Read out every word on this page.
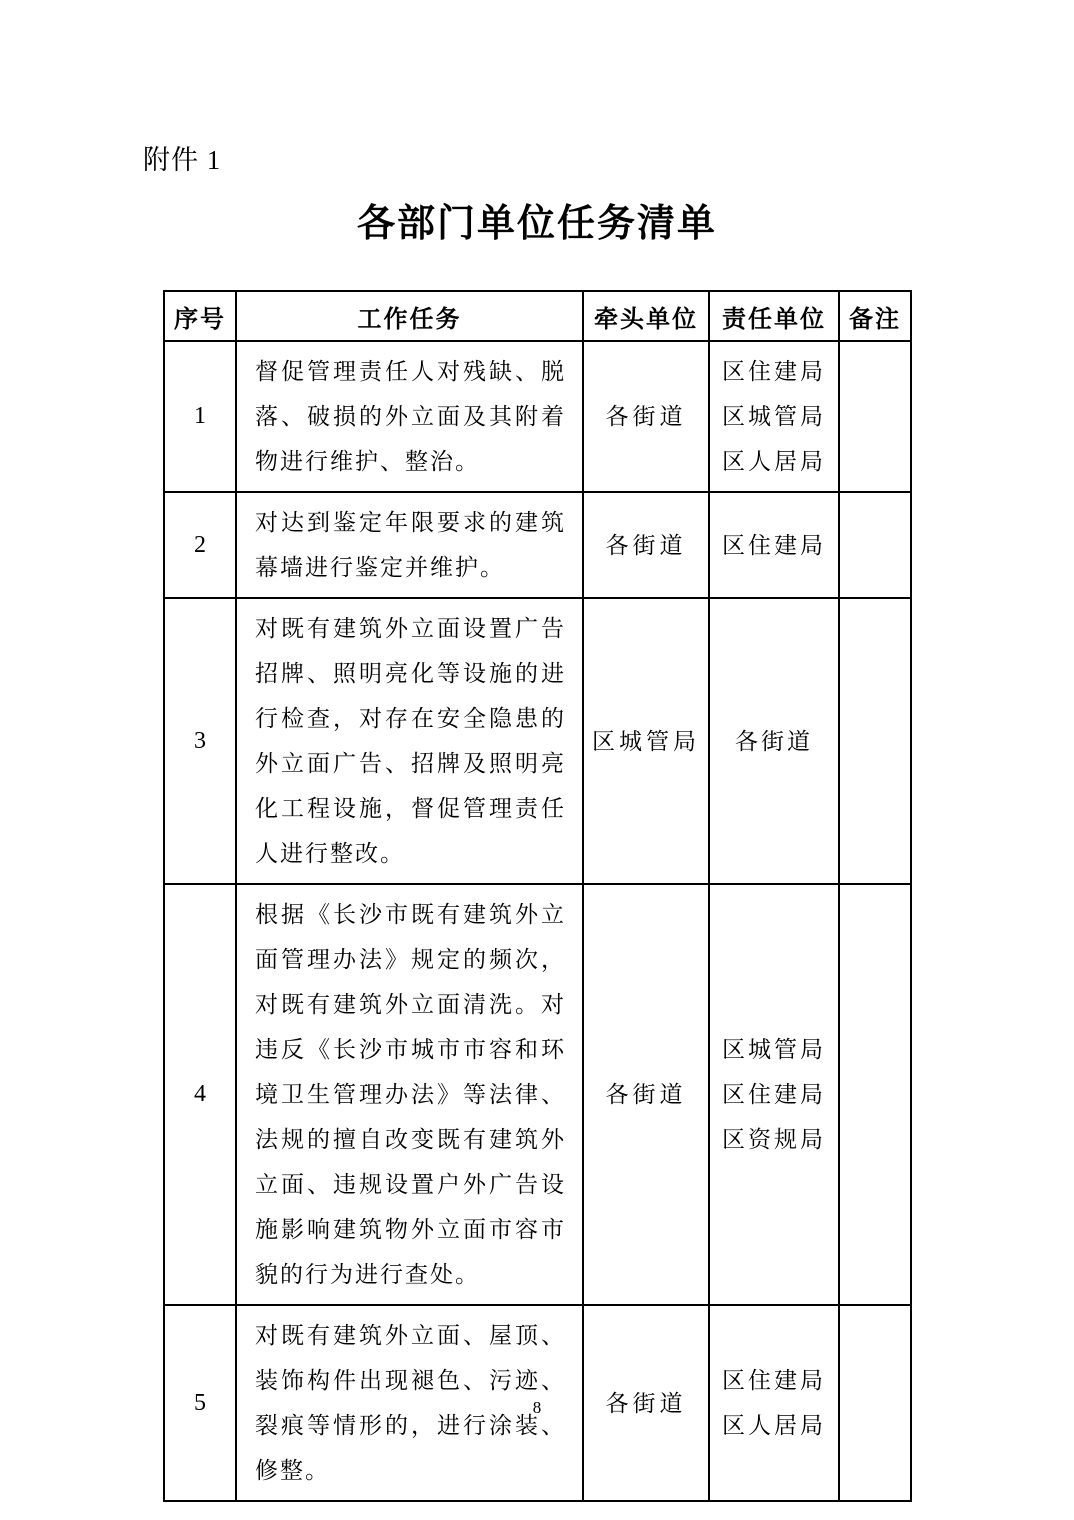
附件 1
各部门单位任务清单
序号	工作任务	牵头单位	责任单位	备注
1	督促管理责任人对残缺、脱落、破损的外立面及其附着物进行维护、整治。	各街道	区住建局
区城管局
区人居局	

2	对达到鉴定年限要求的建筑幕墙进行鉴定并维护。	各街道	区住建局	

3	对既有建筑外立面设置广告招牌、照明亮化等设施的进行检查，对存在安全隐患的外立面广告、招牌及照明亮化工程设施，督促管理责任人进行整改。	区城管局	各街道	

4	根据《长沙市既有建筑外立面管理办法》规定的频次，对既有建筑外立面清洗。对违反《长沙市城市市容和环境卫生管理办法》等法律、法规的擅自改变既有建筑外立面、违规设置户外广告设施影响建筑物外立面市容市貌的行为进行查处。	各街道	区城管局
区住建局
区资规局	

5	对既有建筑外立面、屋顶、装饰构件出现褪色、污迹、裂痕等情形的，进行涂装、修整。	各街道	区住建局
区人居局	

8
